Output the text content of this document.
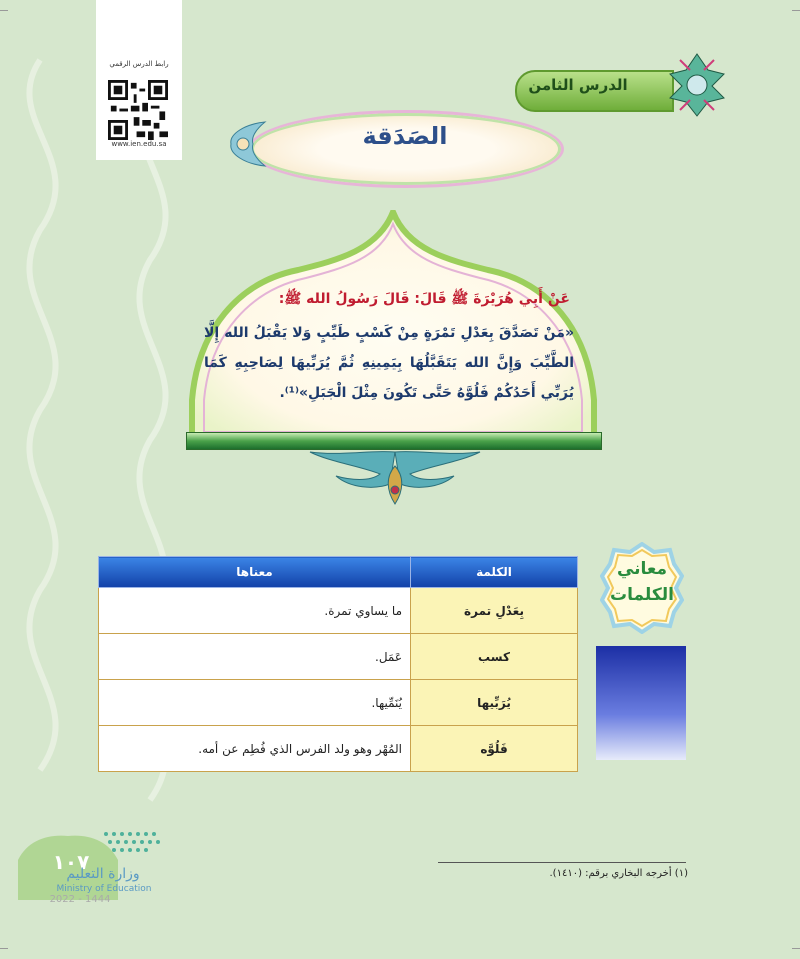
رابط الدرس الرقمي
www.ien.edu.sa
الدرس الثامن
الصَدَقة
عَنْ أَبِي هُرَيْرَةَ ﷺ قَالَ: قَالَ رَسُولُ الله ﷺ:
«مَنْ تَصَدَّقَ بِعَدْلِ تَمْرَةٍ مِنْ كَسْبٍ طَيِّبٍ وَلا يَقْبَلُ الله إِلَّا الطَّيِّبَ وَإِنَّ الله يَتَقَبَّلُهَا بِيَمِينِهِ ثُمَّ يُرَبِّيهَا لِصَاحِبِهِ كَمَا يُرَبِّي أَحَدُكُمْ فَلُوَّهُ حَتَّى تَكُونَ مِثْلَ الْجَبَلِ»⁽¹⁾.
معاني
الكلمات
الكلمة	معناها
بِعَدْلِ تمرة	ما يساوي تمرة.
كسب	عَمَل.
يُرَبِّيها	يُنَمِّيها.
فَلُوَّه	المُهْر وهو ولد الفرس الذي فُطِم عن أمه.
(١) أخرجه البخاري برقم: (١٤١٠).
١٠٧
وزارة التعليم
Ministry of Education
2022 - 1444
